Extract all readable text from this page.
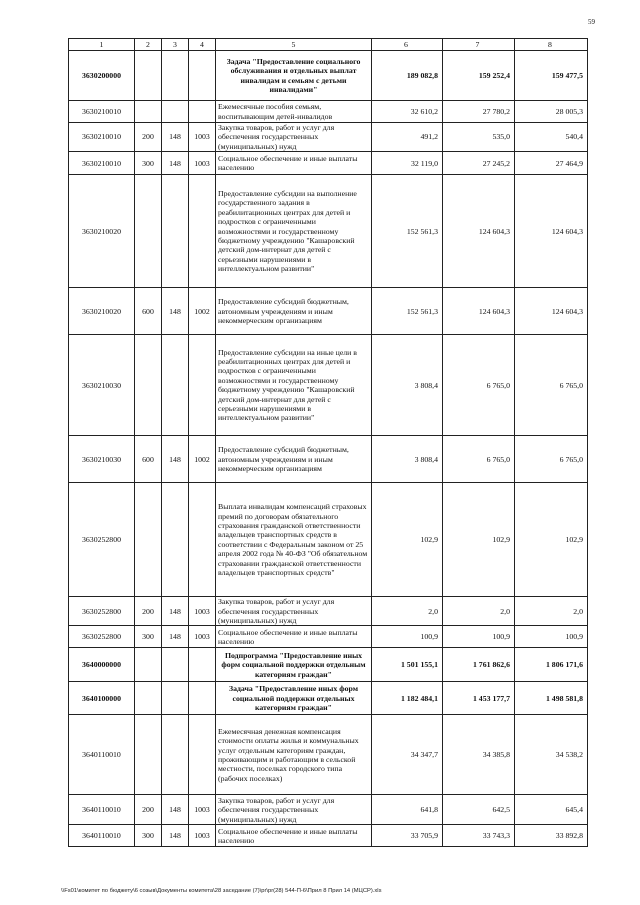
59
1	2	3	4	5	6	7	8
3630200000				Задача "Предоставление социального обслуживания и отдельных выплат инвалидам и семьям с детьми инвалидами"	189 082,8	159 252,4	159 477,5
3630210010				Ежемесячные пособия семьям, воспитывающим детей-инвалидов	32 610,2	27 780,2	28 005,3
3630210010	200	148	1003	Закупка товаров, работ и услуг для обеспечения государственных (муниципальных) нужд	491,2	535,0	540,4
3630210010	300	148	1003	Социальное обеспечение и иные выплаты населению	32 119,0	27 245,2	27 464,9
3630210020				Предоставление субсидии на выполнение государственного задания в реабилитационных центрах для детей и подростков с ограниченными возможностями и государственному бюджетному учреждению "Кашаровский детский дом-интернат для детей с серьезными нарушениями в интеллектуальном развитии"	152 561,3	124 604,3	124 604,3
3630210020	600	148	1002	Предоставление субсидий бюджетным, автономным учреждениям и иным некоммерческим организациям	152 561,3	124 604,3	124 604,3
3630210030				Предоставление субсидии на иные цели в реабилитационных центрах для детей и подростков с ограниченными возможностями и государственному бюджетному учреждению "Кашаровский детский дом-интернат для детей с серьезными нарушениями в интеллектуальном развитии"	3 808,4	6 765,0	6 765,0
3630210030	600	148	1002	Предоставление субсидий бюджетным, автономным учреждениям и иным некоммерческим организациям	3 808,4	6 765,0	6 765,0
3630252800				Выплата инвалидам компенсаций страховых премий по договорам обязательного страхования гражданской ответственности владельцев транспортных средств в соответствии с Федеральным законом от 25 апреля 2002 года № 40-ФЗ "Об обязательном страховании гражданской ответственности владельцев транспортных средств"	102,9	102,9	102,9
3630252800	200	148	1003	Закупка товаров, работ и услуг для обеспечения государственных (муниципальных) нужд	2,0	2,0	2,0
3630252800	300	148	1003	Социальное обеспечение и иные выплаты населению	100,9	100,9	100,9
3640000000				Подпрограмма "Предоставление иных форм социальной поддержки отдельным категориям граждан"	1 501 155,1	1 761 862,6	1 806 171,6
3640100000				Задача "Предоставление иных форм социальной поддержки отдельных категориям граждан"	1 182 484,1	1 453 177,7	1 498 581,8
3640110010				Ежемесячная денежная компенсация стоимости оплаты жилья и коммунальных услуг отдельным категориям граждан, проживающим и работающим в сельской местности, поселках городского типа (рабочих поселках)	34 347,7	34 385,8	34 538,2
3640110010	200	148	1003	Закупка товаров, работ и услуг для обеспечения государственных (муниципальных) нужд	641,8	642,5	645,4
3640110010	300	148	1003	Социальное обеспечение и иные выплаты населению	33 705,9	33 743,3	33 892,8
\\Fs01\комитет по бюджету\6 созыв\Документы комитета\28 заседание (7)\pr\pr(28) 544-П-6\Прил 8 Прил 14 (МЦСР).xls
